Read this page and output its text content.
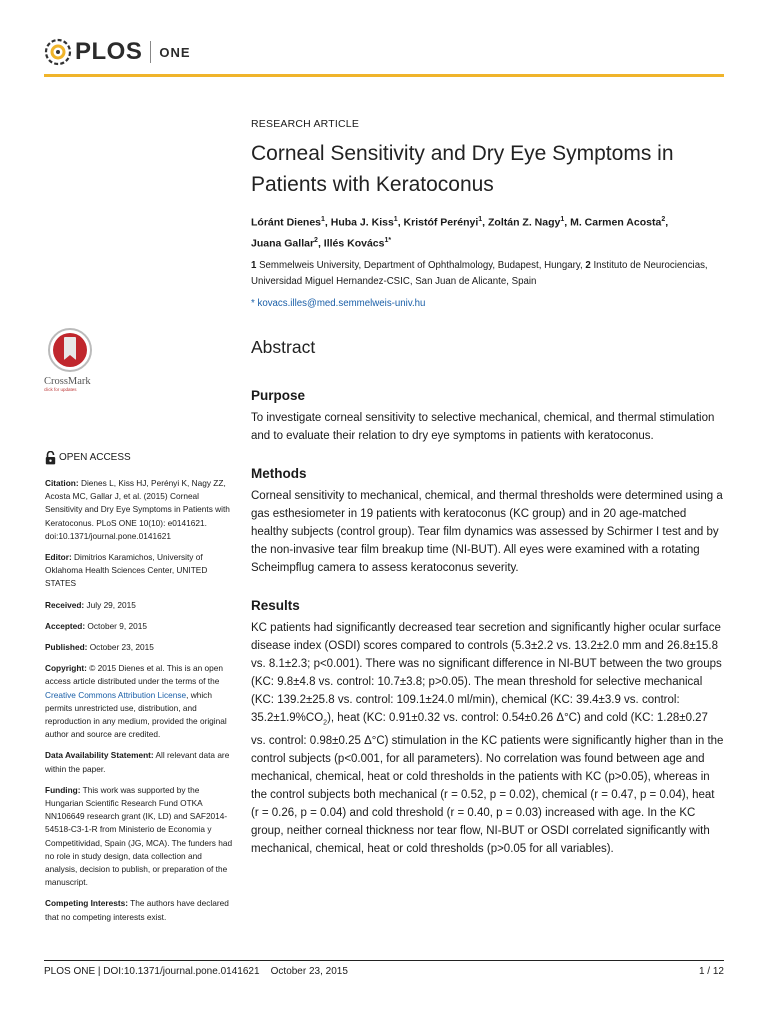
PLOS ONE
CrossMark
click for updates
OPEN ACCESS

Citation: Dienes L, Kiss HJ, Perényi K, Nagy ZZ, Acosta MC, Gallar J, et al. (2015) Corneal Sensitivity and Dry Eye Symptoms in Patients with Keratoconus. PLoS ONE 10(10): e0141621. doi:10.1371/journal.pone.0141621

Editor: Dimitrios Karamichos, University of Oklahoma Health Sciences Center, UNITED STATES

Received: July 29, 2015

Accepted: October 9, 2015

Published: October 23, 2015

Copyright: © 2015 Dienes et al. This is an open access article distributed under the terms of the Creative Commons Attribution License, which permits unrestricted use, distribution, and reproduction in any medium, provided the original author and source are credited.

Data Availability Statement: All relevant data are within the paper.

Funding: This work was supported by the Hungarian Scientific Research Fund OTKA NN106649 research grant (IK, LD) and SAF2014-54518-C3-1-R from Ministerio de Economia y Competitividad, Spain (JG, MCA). The funders had no role in study design, data collection and analysis, decision to publish, or preparation of the manuscript.

Competing Interests: The authors have declared that no competing interests exist.

RESEARCH ARTICLE
Corneal Sensitivity and Dry Eye Symptoms in
Patients with Keratoconus
Lóránt Dienes$^1$, Huba J. Kiss$^1$, Kristóf Perényi$^1$, Zoltán Z. Nagy$^1$, M. Carmen Acosta$^2$,
Juana Gallar$^2$, Illés Kovács$^{1*}$
1 Semmelweis University, Department of Ophthalmology, Budapest, Hungary, 2 Instituto de Neurociencias, Universidad Miguel Hernandez-CSIC, San Juan de Alicante, Spain
* kovacs.illes@med.semmelweis-univ.hu
Abstract
Purpose

To investigate corneal sensitivity to selective mechanical, chemical, and thermal stimulation and to evaluate their relation to dry eye symptoms in patients with keratoconus.

Methods

Corneal sensitivity to mechanical, chemical, and thermal thresholds were determined using a gas esthesiometer in 19 patients with keratoconus (KC group) and in 20 age-matched healthy subjects (control group). Tear film dynamics was assessed by Schirmer I test and by the non-invasive tear film breakup time (NI-BUT). All eyes were examined with a rotating Scheimpflug camera to assess keratoconus severity.

Results

KC patients had significantly decreased tear secretion and significantly higher ocular surface disease index (OSDI) scores compared to controls (5.3±2.2 vs. 13.2±2.0 mm and 26.8±15.8 vs. 8.1±2.3; p<0.001). There was no significant difference in NI-BUT between the two groups (KC: 9.8±4.8 vs. control: 10.7±3.8; p>0.05). The mean threshold for selective mechanical (KC: 139.2±25.8 vs. control: 109.1±24.0 ml/min), chemical (KC: 39.4±3.9 vs. control: $35.2\pm 1.9\%CO_2$), heat (KC: 0.91±0.32 vs. control: 0.54±0.26 Δ°C) and cold (KC: 1.28±0.27 vs. control: 0.98±0.25 Δ°C) stimulation in the KC patients were significantly higher than in the control subjects (p<0.001, for all parameters). No correlation was found between age and mechanical, chemical, heat or cold thresholds in the patients with KC (p>0.05), whereas in the control subjects both mechanical (r = 0.52, p = 0.02), chemical (r = 0.47, p = 0.04), heat (r = 0.26, p = 0.04) and cold threshold (r = 0.40, p = 0.03) increased with age. In the KC group, neither corneal thickness nor tear flow, NI-BUT or OSDI correlated significantly with mechanical, chemical, heat or cold thresholds (p>0.05 for all variables).

PLOS ONE | DOI:10.1371/journal.pone.0141621    October 23, 2015	1 / 12
